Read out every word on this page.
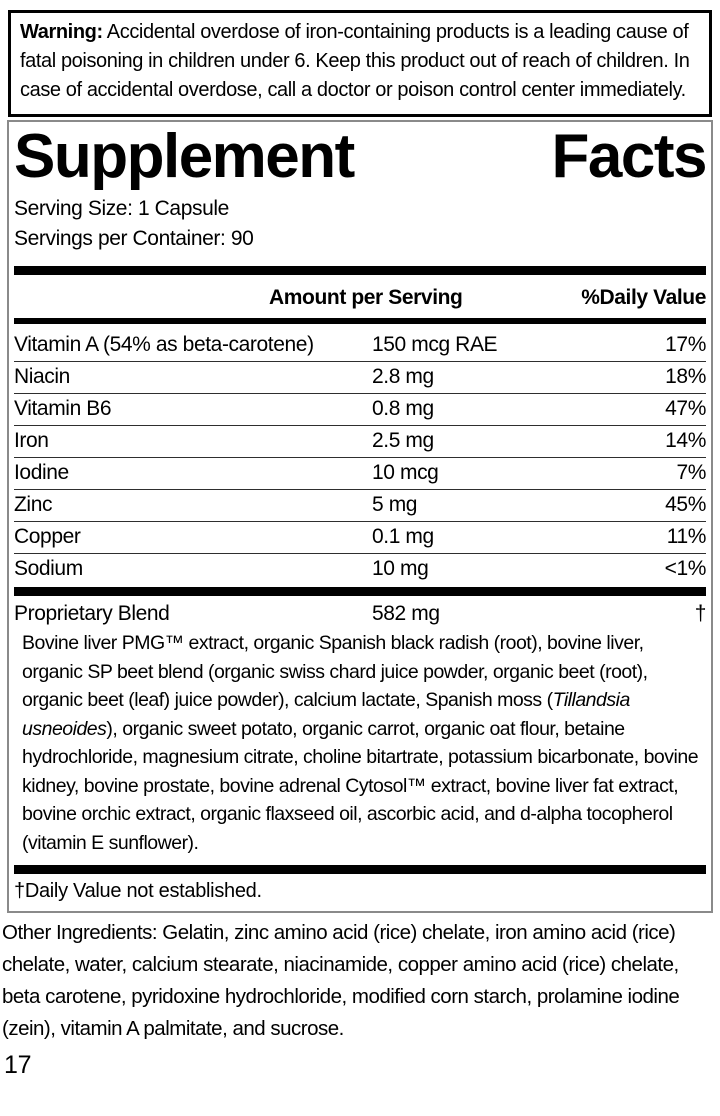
Warning: Accidental overdose of iron-containing products is a leading cause of fatal poisoning in children under 6. Keep this product out of reach of children. In case of accidental overdose, call a doctor or poison control center immediately.

Supplement	Facts
Serving Size: 1 Capsule
Servings per Container: 90
Amount per Serving	%Daily Value
Vitamin A (54% as beta-carotene)	150 mcg RAE	17%
Niacin	2.8 mg	18%
Vitamin B6	0.8 mg	47%
Iron	2.5 mg	14%
Iodine	10 mcg	7%
Zinc	5 mg	45%
Copper	0.1 mg	11%
Sodium	10 mg	<1%
Proprietary Blend	582 mg	†

Bovine liver PMG™ extract, organic Spanish black radish (root), bovine liver, organic SP beet blend (organic swiss chard juice powder, organic beet (root), organic beet (leaf) juice powder), calcium lactate, Spanish moss (Tillandsia usneoides), organic sweet potato, organic carrot, organic oat flour, betaine hydrochloride, magnesium citrate, choline bitartrate, potassium bicarbonate, bovine kidney, bovine prostate, bovine adrenal Cytosol™ extract, bovine liver fat extract, bovine orchic extract, organic flaxseed oil, ascorbic acid, and d-alpha tocopherol (vitamin E sunflower).

†Daily Value not established.

Other Ingredients: Gelatin, zinc amino acid (rice) chelate, iron amino acid (rice) chelate, water, calcium stearate, niacinamide, copper amino acid (rice) chelate, beta carotene, pyridoxine hydrochloride, modified corn starch, prolamine iodine (zein), vitamin A palmitate, and sucrose.

17
